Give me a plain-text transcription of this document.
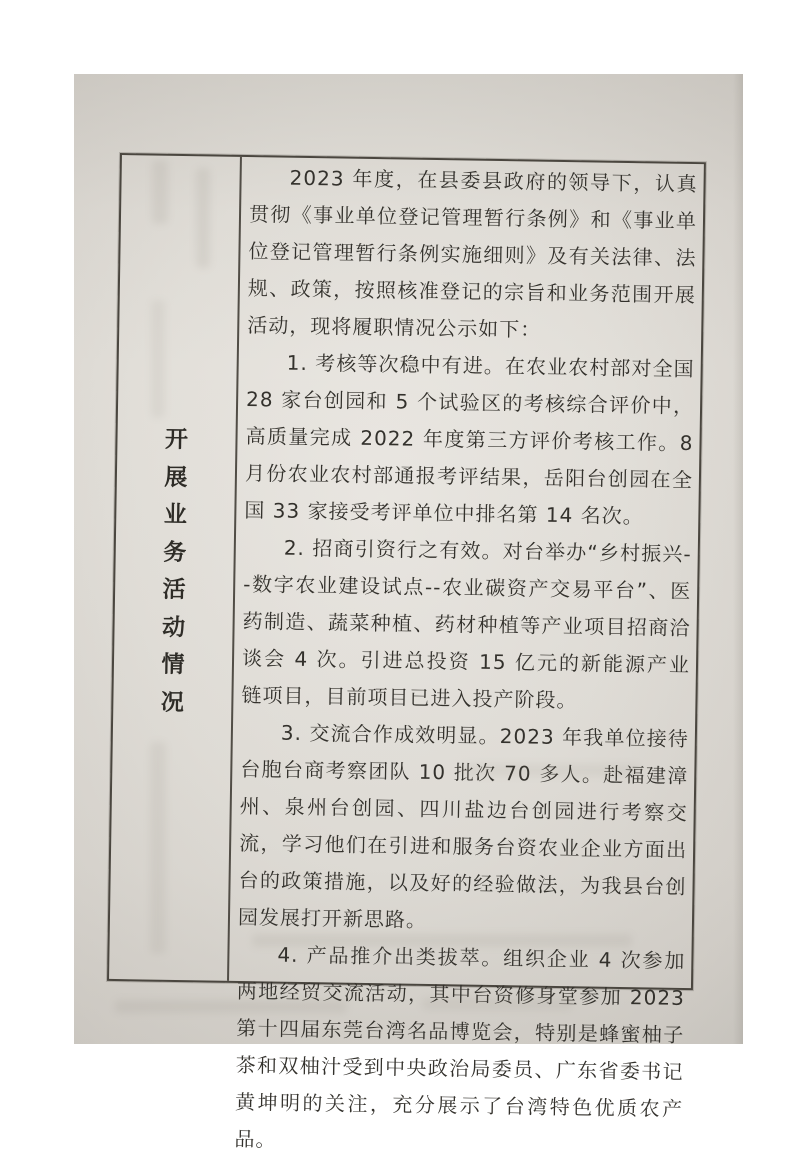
开
展
业
务
活
动
情
况

2023 年度，在县委县政府的领导下，认真贯彻《事业单位登记管理暂行条例》和《事业单位登记管理暂行条例实施细则》及有关法律、法规、政策，按照核准登记的宗旨和业务范围开展活动，现将履职情况公示如下：

1. 考核等次稳中有进。在农业农村部对全国 28 家台创园和 5 个试验区的考核综合评价中，高质量完成 2022 年度第三方评价考核工作。8 月份农业农村部通报考评结果，岳阳台创园在全国 33 家接受考评单位中排名第 14 名次。

2. 招商引资行之有效。对台举办“乡村振兴--数字农业建设试点--农业碳资产交易平台”、医药制造、蔬菜种植、药材种植等产业项目招商洽谈会 4 次。引进总投资 15 亿元的新能源产业链项目，目前项目已进入投产阶段。

3. 交流合作成效明显。2023 年我单位接待台胞台商考察团队 10 批次 70 多人。赴福建漳州、泉州台创园、四川盐边台创园进行考察交流，学习他们在引进和服务台资农业企业方面出台的政策措施，以及好的经验做法，为我县台创园发展打开新思路。

4. 产品推介出类拔萃。组织企业 4 次参加两地经贸交流活动，其中台资修身堂参加 2023 第十四届东莞台湾名品博览会，特别是蜂蜜柚子茶和双柚汁受到中央政治局委员、广东省委书记黄坤明的关注，充分展示了台湾特色优质农产品。
